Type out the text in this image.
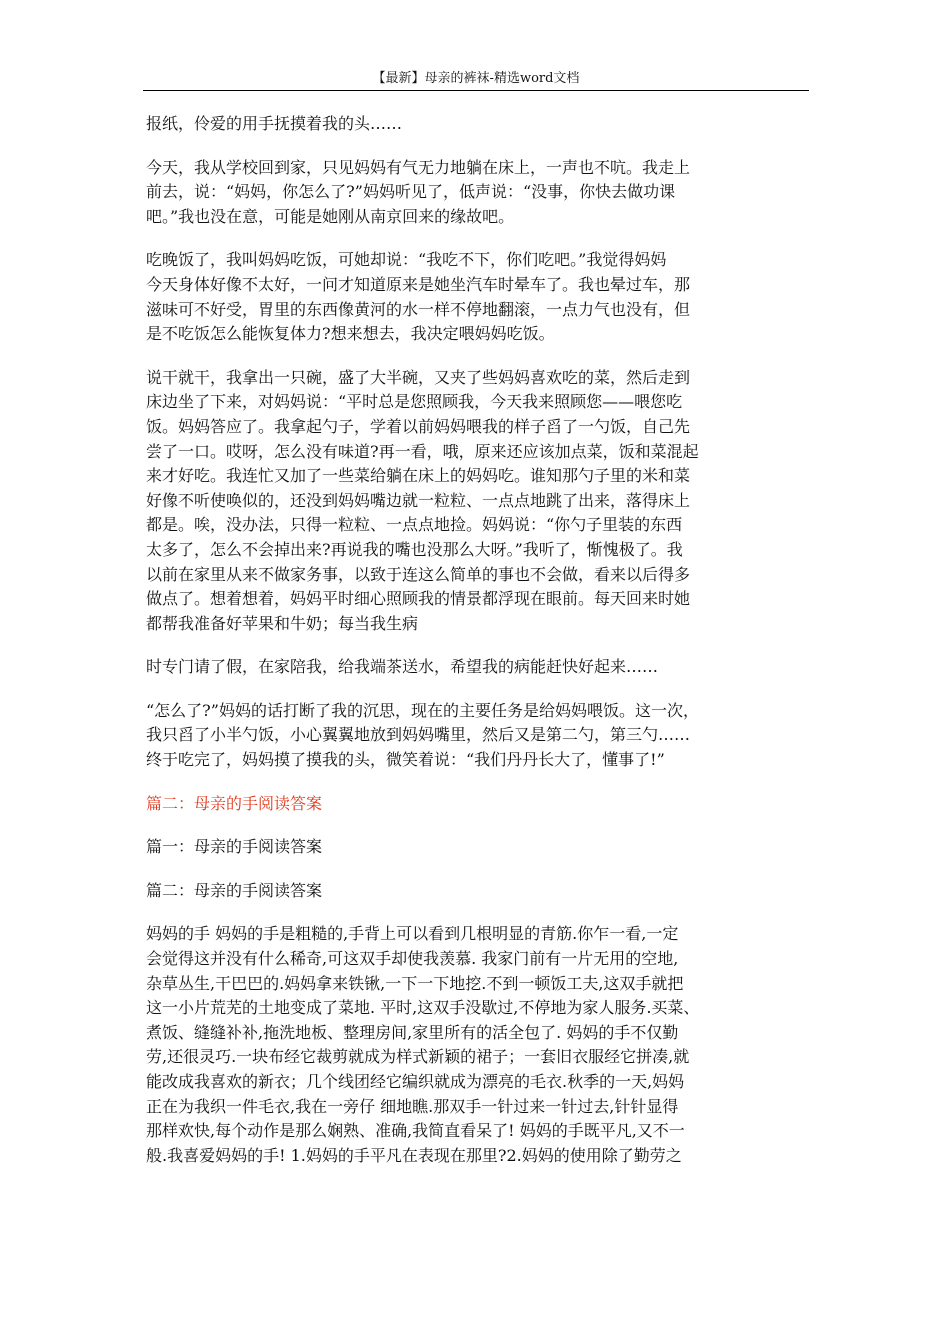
【最新】母亲的裤袜-精选word文档
报纸，伶爱的用手抚摸着我的头……
今天，我从学校回到家，只见妈妈有气无力地躺在床上，一声也不吭。我走上
前去，说：“妈妈，你怎么了?”妈妈听见了，低声说：“没事，你快去做功课
吧。”我也没在意，可能是她刚从南京回来的缘故吧。
吃晚饭了，我叫妈妈吃饭，可她却说：“我吃不下，你们吃吧。”我觉得妈妈
今天身体好像不太好，一问才知道原来是她坐汽车时晕车了。我也晕过车，那
滋味可不好受，胃里的东西像黄河的水一样不停地翻滚，一点力气也没有，但
是不吃饭怎么能恢复体力?想来想去，我决定喂妈妈吃饭。
说干就干，我拿出一只碗，盛了大半碗，又夹了些妈妈喜欢吃的菜，然后走到
床边坐了下来，对妈妈说：“平时总是您照顾我，今天我来照顾您——喂您吃
饭。妈妈答应了。我拿起勺子，学着以前妈妈喂我的样子舀了一勺饭，自己先
尝了一口。哎呀，怎么没有味道?再一看，哦，原来还应该加点菜，饭和菜混起
来才好吃。我连忙又加了一些菜给躺在床上的妈妈吃。谁知那勺子里的米和菜
好像不听使唤似的，还没到妈妈嘴边就一粒粒、一点点地跳了出来，落得床上
都是。唉，没办法，只得一粒粒、一点点地捡。妈妈说：“你勺子里装的东西
太多了，怎么不会掉出来?再说我的嘴也没那么大呀。”我听了，惭愧极了。我
以前在家里从来不做家务事，以致于连这么简单的事也不会做，看来以后得多
做点了。想着想着，妈妈平时细心照顾我的情景都浮现在眼前。每天回来时她
都帮我准备好苹果和牛奶；每当我生病
时专门请了假，在家陪我，给我端茶送水，希望我的病能赶快好起来……
“怎么了?”妈妈的话打断了我的沉思，现在的主要任务是给妈妈喂饭。这一次，
我只舀了小半勺饭，小心翼翼地放到妈妈嘴里，然后又是第二勺，第三勺……
终于吃完了，妈妈摸了摸我的头，微笑着说：“我们丹丹长大了，懂事了!”
篇二：母亲的手阅读答案
篇一：母亲的手阅读答案
篇二：母亲的手阅读答案
妈妈的手 妈妈的手是粗糙的,手背上可以看到几根明显的青筋.你乍一看,一定
会觉得这并没有什么稀奇,可这双手却使我羡慕. 我家门前有一片无用的空地,
杂草丛生,干巴巴的.妈妈拿来铁锹,一下一下地挖.不到一顿饭工夫,这双手就把
这一小片荒芜的土地变成了菜地. 平时,这双手没歇过,不停地为家人服务.买菜、
煮饭、缝缝补补,拖洗地板、整理房间,家里所有的活全包了. 妈妈的手不仅勤
劳,还很灵巧.一块布经它裁剪就成为样式新颖的裙子；一套旧衣服经它拼凑,就
能改成我喜欢的新衣；几个线团经它编织就成为漂亮的毛衣.秋季的一天,妈妈
正在为我织一件毛衣,我在一旁仔 细地瞧.那双手一针过来一针过去,针针显得
那样欢快,每个动作是那么娴熟、准确,我简直看呆了! 妈妈的手既平凡,又不一
般.我喜爱妈妈的手! 1.妈妈的手平凡在表现在那里?2.妈妈的使用除了勤劳之
